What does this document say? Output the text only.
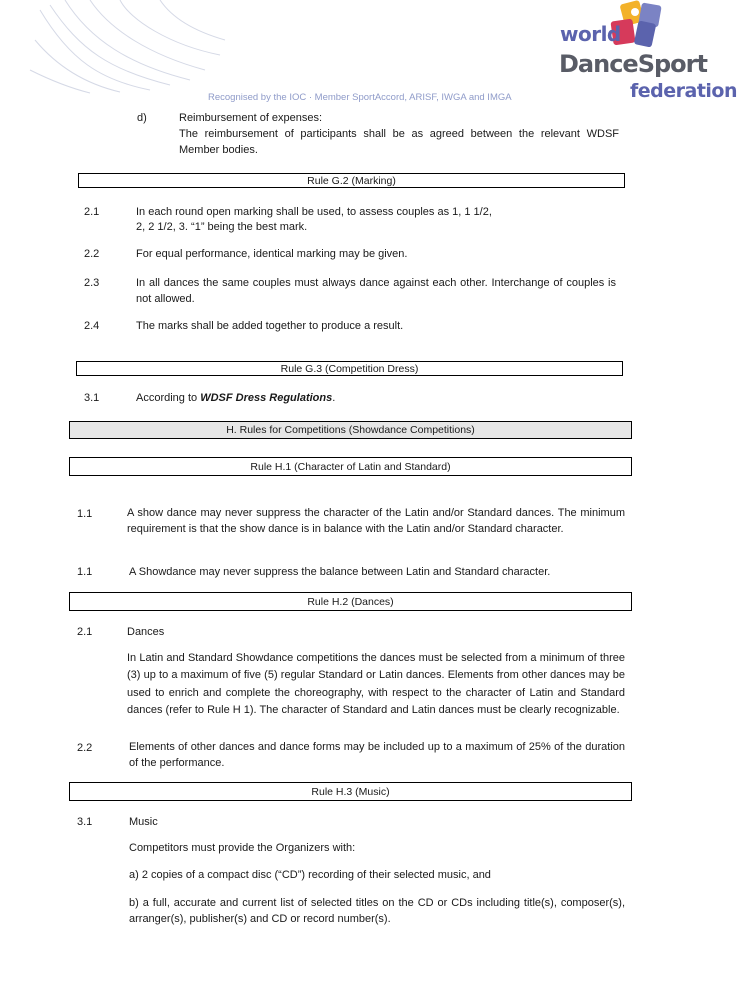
world
DanceSport
federation
Recognised by the IOC · Member SportAccord, ARISF, IWGA and IMGA
d)	Reimbursement of expenses:
The reimbursement of participants shall be as agreed between the relevant WDSF Member bodies.
Rule G.2 (Marking)
2.1	In each round open marking shall be used, to assess couples as 1, 1 1/2,
2, 2 1/2, 3. “1” being the best mark.
2.2	For equal performance, identical marking may be given.
2.3	In all dances the same couples must always dance against each other. Interchange of couples is not allowed.
2.4	The marks shall be added together to produce a result.
Rule G.3 (Competition Dress)
3.1	According to WDSF Dress Regulations.
H. Rules for Competitions (Showdance Competitions)
Rule H.1 (Character of Latin and Standard)
1.1	A show dance may never suppress the character of the Latin and/or Standard dances. The minimum requirement is that the show dance is in balance with the Latin and/or Standard character.
1.1	A Showdance may never suppress the balance between Latin and Standard character.
Rule H.2 (Dances)
2.1	Dances
In Latin and Standard Showdance competitions the dances must be selected from a minimum of three (3) up to a maximum of five (5) regular Standard or Latin dances. Elements from other dances may be used to enrich and complete the choreography, with respect to the character of Latin and Standard dances (refer to Rule H 1). The character of Standard and Latin dances must be clearly recognizable.
2.2	Elements of other dances and dance forms may be included up to a maximum of 25% of the duration of the performance.
Rule H.3 (Music)
3.1	Music
Competitors must provide the Organizers with:
a) 2 copies of a compact disc (“CD”) recording of their selected music, and
b) a full, accurate and current list of selected titles on the CD or CDs including title(s), composer(s), arranger(s), publisher(s) and CD or record number(s).
